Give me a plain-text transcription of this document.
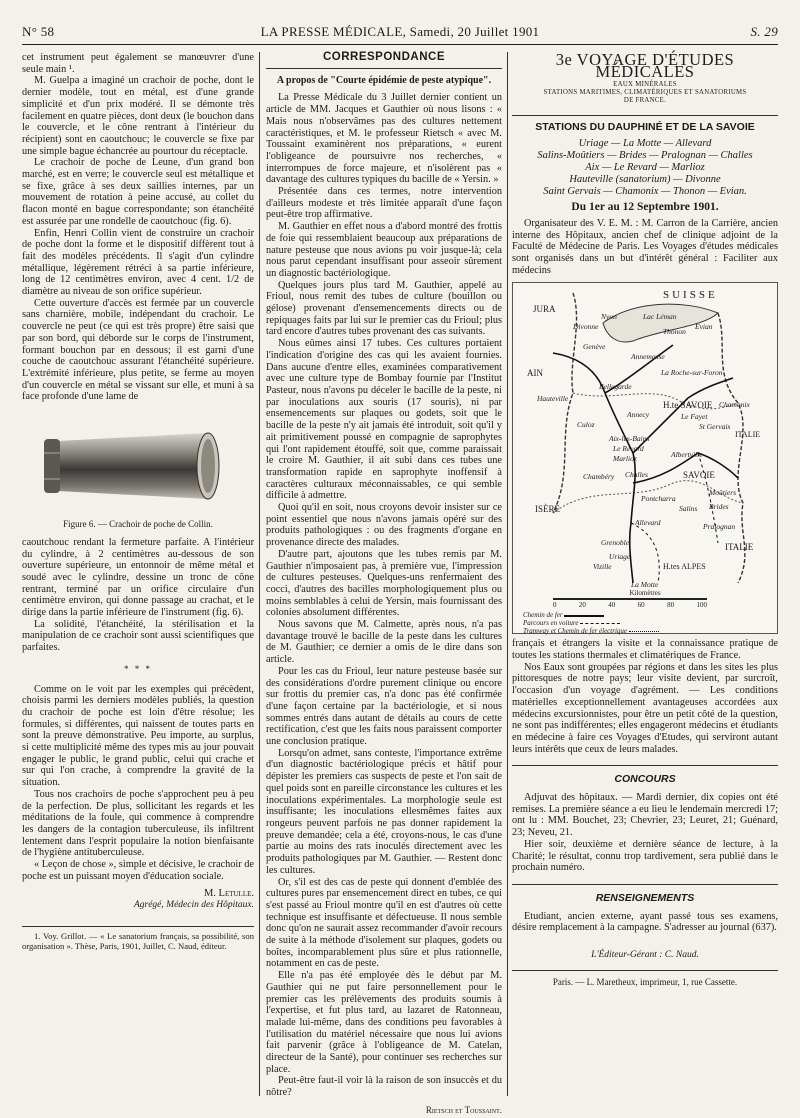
N° 58	LA PRESSE MÉDICALE, Samedi, 20 Juillet 1901	S. 29

cet instrument peut également se manœuvrer d'une seule main ¹.

M. Guelpa a imaginé un crachoir de poche, dont le dernier modèle, tout en métal, est d'une grande simplicité et d'un prix modéré. Il se démonte très facilement en quatre pièces, dont deux (le bouchon dans le couvercle, et le cône rentrant à l'intérieur du récipient) sont en caoutchouc; le couvercle se fixe par une simple bague échancrée au pourtour du réceptacle.

Le crachoir de poche de Leune, d'un grand bon marché, est en verre; le couvercle seul est métallique et se fixe, grâce à ses deux saillies internes, par un mouvement de rotation à peine accusé, au collet du flacon monté en bague correspondante; son étanchéité est assurée par une rondelle de caoutchouc (fig. 6).

Enfin, Henri Collin vient de construire un crachoir de poche dont la forme et le dispositif diffèrent tout à fait des modèles précédents. Il s'agit d'un cylindre métallique, légèrement rétréci à sa partie inférieure, long de 12 centimètres environ, avec 4 cent. 1/2 de diamètre au niveau de son orifice supérieur.

Cette ouverture d'accès est fermée par un couvercle sans charnière, mobile, indépendant du crachoir. Le couvercle ne peut (ce qui est très propre) être saisi que par son bord, qui déborde sur le corps de l'instrument, formant bouchon par en dessous; il est garni d'une couche de caoutchouc assurant l'étanchéité supérieure. L'extrémité inférieure, plus petite, se ferme au moyen d'un couvercle en métal se vissant sur elle, et muni à sa face profonde d'une lame de

Figure 6. — Crachoir de poche de Collin.

caoutchouc rendant la fermeture parfaite. A l'intérieur du cylindre, à 2 centimètres au-dessous de son ouverture supérieure, un entonnoir de même métal et soudé avec le cylindre, dessine un tronc de cône rentrant, terminé par un orifice circulaire d'un centimètre environ, qui donne passage au crachat, et le dirige dans la partie inférieure de l'instrument (fig. 6).

La solidité, l'étanchéité, la stérilisation et la manipulation de ce crachoir sont aussi scientifiques que parfaites.

* * *

Comme on le voit par les exemples qui précèdent, choisis parmi les derniers modèles publiés, la question du crachoir de poche est loin d'être résolue; les formules, si différentes, qui naissent de toutes parts en sont la preuve démonstrative. Peu importe, au surplus, si cette multiplicité même des types mis au jour pouvait engager le public, le grand public, celui qui crache et sur qui l'on crache, à comprendre la gravité de la situation.

Tous nos crachoirs de poche s'approchent peu à peu de la perfection. De plus, sollicitant les regards et les méditations de la foule, qui commence à comprendre les dangers de la contagion tuberculeuse, ils infiltrent lentement dans l'esprit populaire la notion bienfaisante de l'hygiène antituberculeuse.

« Leçon de chose », simple et décisive, le crachoir de poche est un puissant moyen d'éducation sociale.

M. Letulle.
Agrégé, Médecin des Hôpitaux.

1. Voy. Grillot. — « Le sanatorium français, sa possibilité, son organisation ». Thèse, Paris, 1901, Juillet, C. Naud, éditeur.

CORRESPONDANCE
A propos de "Courte épidémie de peste atypique".

La Presse Médicale du 3 Juillet dernier contient un article de MM. Jacques et Gauthier où nous lisons : « Mais nous n'observâmes pas des cultures nettement caractéristiques, et M. le professeur Rietsch « avec M. Toussaint examinèrent nos préparations, « eurent l'obligeance de poursuivre nos recherches, « interrompues de force majeure, et n'isolèrent pas « davantage des cultures typiques du bacille de « Yersin. »

Présentée dans ces termes, notre intervention d'ailleurs modeste et très limitée apparaît d'une façon peut-être trop affirmative.

M. Gauthier en effet nous a d'abord montré des frottis de foie qui ressemblaient beaucoup aux préparations de nature pesteuse que nous avions pu voir jusque-là; cela nous parut cependant insuffisant pour asseoir sûrement un diagnostic bactériologique.

Quelques jours plus tard M. Gauthier, appelé au Frioul, nous remit des tubes de culture (bouillon ou gélose) provenant d'ensemencements directs ou de repiquages faits par lui sur le premier cas du Frioul; plus tard encore d'autres tubes provenant des cas suivants.

Nous eûmes ainsi 17 tubes. Ces cultures portaient l'indication d'origine des cas qui les avaient fournies. Dans aucune d'entre elles, examinées comparativement avec une culture type de Bombay fournie par l'Institut Pasteur, nous n'avons pu déceler le bacille de la peste, ni par inoculations aux souris (17 souris), ni par ensemencements sur plaques ou godets, soit que le bacille de la peste n'y ait jamais été introduit, soit qu'il y ait primitivement poussé en compagnie de saprophytes qui l'ont rapidement étouffé, soit que, comme paraissait le croire M. Gauthier, il ait subi dans ces tubes une transformation rapide en saprophyte inoffensif à caractères culturaux méconnaissables, ce qui semble difficile à admettre.

Quoi qu'il en soit, nous croyons devoir insister sur ce point essentiel que nous n'avons jamais opéré sur des produits pathologiques : ou des fragments d'organe en provenance directe des malades.

D'autre part, ajoutons que les tubes remis par M. Gauthier n'imposaient pas, à première vue, l'impression de cultures pesteuses. Quelques-uns renfermaient des cocci, d'autres des bacilles morphologiquement plus ou moins semblables à celui de Yersin, mais fournissant des colonies absolument différentes.

Nous savons que M. Calmette, après nous, n'a pas davantage trouvé le bacille de la peste dans les cultures de M. Gauthier; ce dernier a omis de le dire dans son article.

Pour les cas du Frioul, leur nature pesteuse basée sur des considérations d'ordre purement clinique ou encore sur frottis du premier cas, n'a donc pas été confirmée d'une façon certaine par la bactériologie, et si nous sommes entrés dans autant de détails au cours de cette rectification, c'est que les faits nous paraissent comporter une conclusion pratique.

Lorsqu'on admet, sans conteste, l'importance extrême d'un diagnostic bactériologique précis et hâtif pour dépister les premiers cas suspects de peste et l'on sait de quel poids sont en pareille circonstance les cultures et les inoculations expérimentales. La morphologie seule est insuffisante; les inoculations ellesmêmes faites aux rongeurs peuvent parfois ne pas donner rapidement la preuve demandée; cela a été, croyons-nous, le cas d'une partie au moins des rats inoculés directement avec les produits pathologiques par M. Gauthier. — Restent donc les cultures.

Or, s'il est des cas de peste qui donnent d'emblée des cultures pures par ensemencement direct en tubes, ce qui s'est passé au Frioul montre qu'il en est d'autres où cette technique est insuffisante et défectueuse. Il nous semble donc qu'on ne saurait assez recommander d'avoir recours de suite à la méthode d'isolement sur plaques, godets ou boîtes, incomparablement plus sûre et plus rationnelle, notamment en cas de peste.

Elle n'a pas été employée dès le début par M. Gauthier qui ne put faire personnellement pour le premier cas les prélèvements des produits soumis à l'expertise, et fut plus tard, au lazaret de Ratonneau, malade lui-même, dans des conditions peu favorables à l'utilisation du matériel nécessaire que nous lui avions fait parvenir (grâce à l'obligeance de M. Catelan, directeur de la Santé), pour continuer ses recherches sur place.

Peut-être faut-il voir là la raison de son insuccès et du nôtre?

Rietsch et Toussaint.
3e VOYAGE D'ÉTUDES MÉDICALES
EAUX MINÉRALES
STATIONS MARITIMES, CLIMATÉRIQUES ET SANATORIUMS
DE FRANCE.
STATIONS DU DAUPHINÉ ET DE LA SAVOIE
Uriage — La Motte — Allevard
Salins-Moûtiers — Brides — Pralognan — Challes
Aix — Le Revard — Marlioz
Hauteville (sanatorium) — Divonne
Saint Gervais — Chamonix — Thonon — Evian.
Du 1er au 12 Septembre 1901.

Organisateur des V. E. M. : M. Carron de la Carrière, ancien interne des Hôpitaux, ancien chef de clinique adjoint de la Faculté de Médecine de Paris. Les Voyages d'études médicales sont organisés dans un but d'intérêt général : Faciliter aux médecins

SUISSE
JURA
Lac Léman
Genève
Nyon
Divonne
Thonon
Evian
AIN
Annemasse
La Roche-sur-Foron
Bellegarde
Hauteville
Culoz
H.te SAVOIE
Annecy
Chamonix
St Gervais
Le Fayet
Aix-les-Bains
Le Revard
Marlioz	Albertville
ITALIE
SAVOIE
Chambéry Challes
Moûtiers
Brides
Salins
Pralognan
ISÈRE
Allevard
Pontcharra
Grenoble
Uriage
Vizille
La Motte
H.tes ALPES
ITALIE
Kilomètres
0	20	40	60	80	100
Chemin de fer
Parcours en voiture
Tramway et Chemin de fer électrique

français et étrangers la visite et la connaissance pratique de toutes les stations thermales et climatériques de France.

Nos Eaux sont groupées par régions et dans les sites les plus pittoresques de notre pays; leur visite devient, par surcroît, l'occasion d'un voyage d'agrément. — Les conditions matérielles exceptionnellement avantageuses accordées aux médecins excursionnistes, pour être un petit côté de la question, ne sont pas indifférentes; elles engageront médecins et étudiants en médecine à faire ces Voyages d'Etudes, qui serviront autant leurs intérêts que ceux de leurs malades.

CONCOURS

Adjuvat des hôpitaux. — Mardi dernier, dix copies ont été remises. La première séance a eu lieu le lendemain mercredi 17; ont lu : MM. Bouchet, 23; Chevrier, 23; Leuret, 21; Guénard, 23; Neveu, 21.

Hier soir, deuxième et dernière séance de lecture, à la Charité; le résultat, connu trop tardivement, sera publié dans le prochain numéro.

RENSEIGNEMENTS

Etudiant, ancien externe, ayant passé tous ses examens, désire remplacement à la campagne. S'adresser au journal (637).

L'Éditeur-Gérant : C. Naud.
Paris. — L. Maretheux, imprimeur, 1, rue Cassette.
